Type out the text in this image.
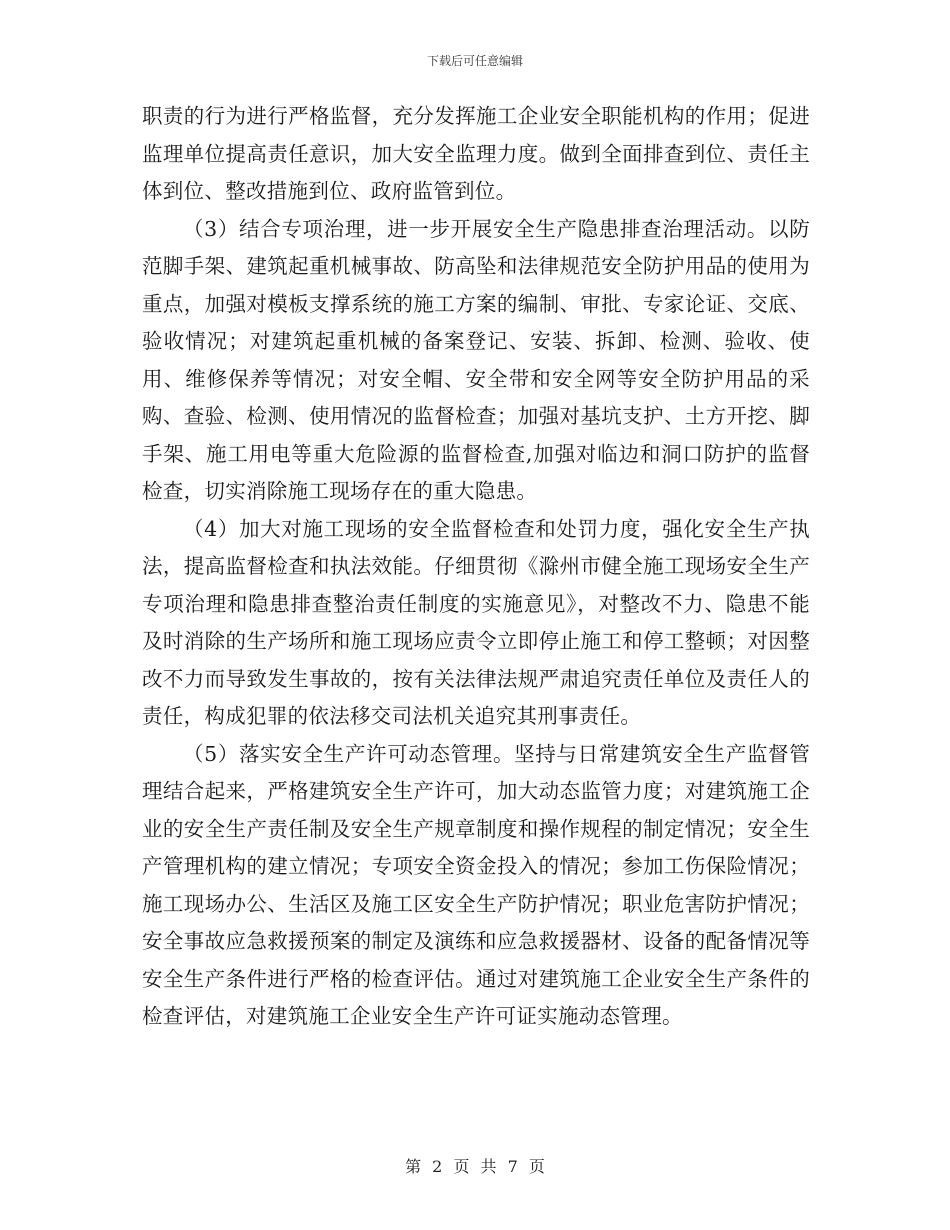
下载后可任意编辑

职责的行为进行严格监督，充分发挥施工企业安全职能机构的作用；促进监理单位提高责任意识，加大安全监理力度。做到全面排查到位、责任主体到位、整改措施到位、政府监管到位。

（3）结合专项治理，进一步开展安全生产隐患排查治理活动。以防范脚手架、建筑起重机械事故、防高坠和法律规范安全防护用品的使用为重点，加强对模板支撑系统的施工方案的编制、审批、专家论证、交底、验收情况；对建筑起重机械的备案登记、安装、拆卸、检测、验收、使用、维修保养等情况；对安全帽、安全带和安全网等安全防护用品的采购、查验、检测、使用情况的监督检查；加强对基坑支护、土方开挖、脚手架、施工用电等重大危险源的监督检查,加强对临边和洞口防护的监督检查，切实消除施工现场存在的重大隐患。

（4）加大对施工现场的安全监督检查和处罚力度，强化安全生产执法，提高监督检查和执法效能。仔细贯彻《滁州市健全施工现场安全生产专项治理和隐患排查整治责任制度的实施意见》，对整改不力、隐患不能及时消除的生产场所和施工现场应责令立即停止施工和停工整顿；对因整改不力而导致发生事故的，按有关法律法规严肃追究责任单位及责任人的责任，构成犯罪的依法移交司法机关追究其刑事责任。

（5）落实安全生产许可动态管理。坚持与日常建筑安全生产监督管理结合起来，严格建筑安全生产许可，加大动态监管力度；对建筑施工企业的安全生产责任制及安全生产规章制度和操作规程的制定情况；安全生产管理机构的建立情况；专项安全资金投入的情况；参加工伤保险情况；施工现场办公、生活区及施工区安全生产防护情况；职业危害防护情况；安全事故应急救援预案的制定及演练和应急救援器材、设备的配备情况等安全生产条件进行严格的检查评估。通过对建筑施工企业安全生产条件的检查评估，对建筑施工企业安全生产许可证实施动态管理。

第 2 页 共 7 页
